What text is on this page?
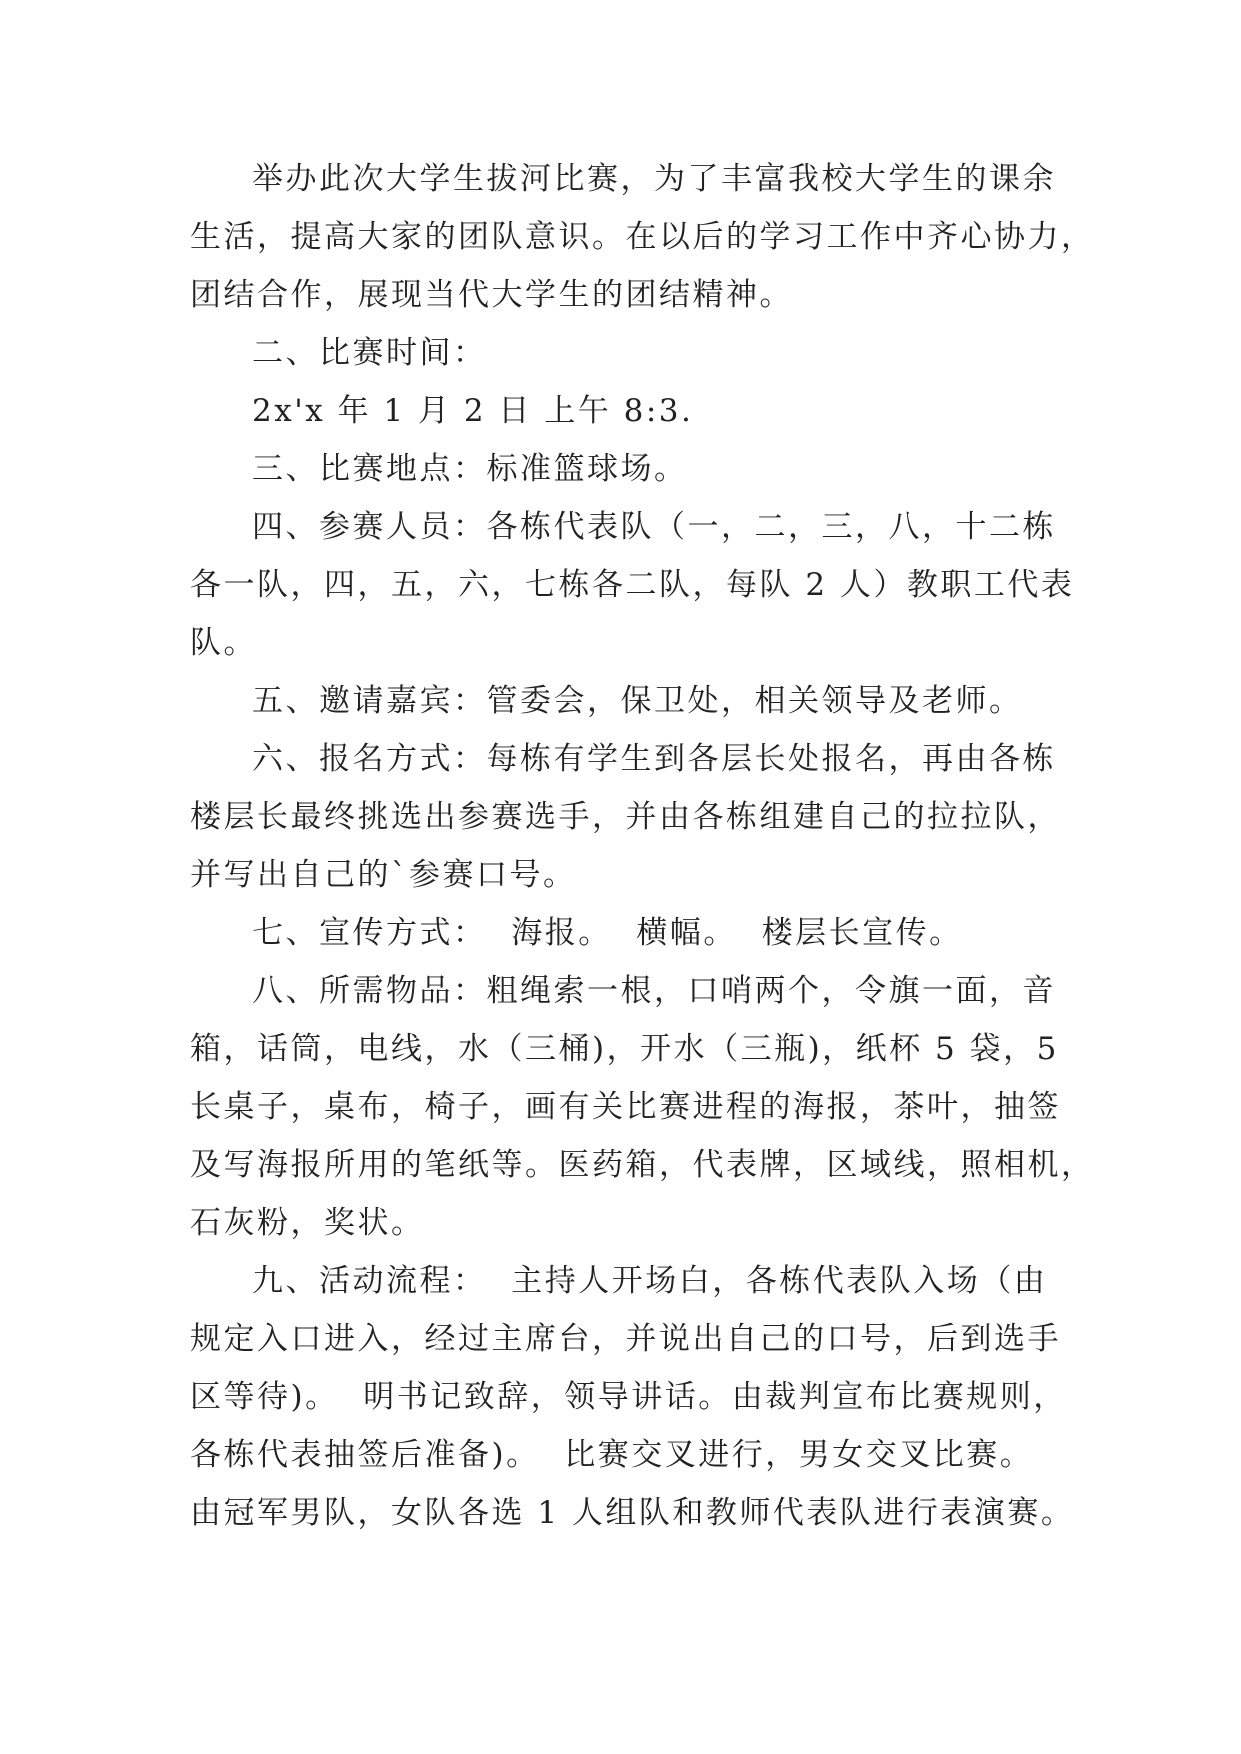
举办此次大学生拔河比赛，为了丰富我校大学生的课余
生活，提高大家的团队意识。在以后的学习工作中齐心协力，
团结合作，展现当代大学生的团结精神。

二、比赛时间：

2x'x 年 1 月 2 日 上午 8:3.

三、比赛地点：标准篮球场。

四、参赛人员：各栋代表队（一，二，三，八，十二栋
各一队，四，五，六，七栋各二队，每队 2 人）教职工代表
队。

五、邀请嘉宾：管委会，保卫处，相关领导及老师。

六、报名方式：每栋有学生到各层长处报名，再由各栋
楼层长最终挑选出参赛选手，并由各栋组建自己的拉拉队，
并写出自己的`参赛口号。

七、宣传方式：  海报。  横幅。  楼层长宣传。

八、所需物品：粗绳索一根，口哨两个，令旗一面，音
箱，话筒，电线，水（三桶)，开水（三瓶)，纸杯 5 袋，5
长桌子，桌布，椅子，画有关比赛进程的海报，茶叶，抽签
及写海报所用的笔纸等。医药箱，代表牌，区域线，照相机，
石灰粉，奖状。

九、活动流程：  主持人开场白，各栋代表队入场（由
规定入口进入，经过主席台，并说出自己的口号，后到选手
区等待)。  明书记致辞，领导讲话。由裁判宣布比赛规则，
各栋代表抽签后准备)。  比赛交叉进行，男女交叉比赛。
由冠军男队，女队各选 1 人组队和教师代表队进行表演赛。
